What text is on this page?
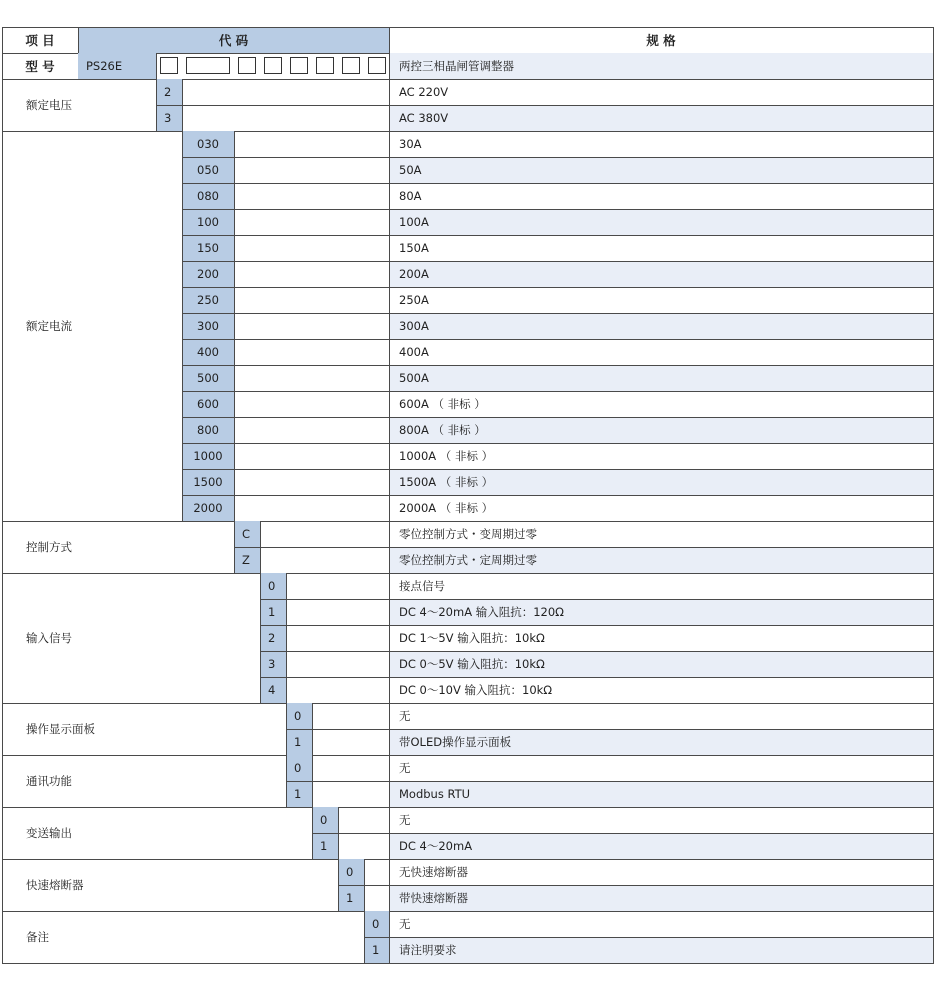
项 目	代 码	规 格
型 号	PS26E	两控三相晶闸管调整器
额定电压
2	AC 220V
3	AC 380V
额定电流
030	30A
050	50A
080	80A
100	100A
150	150A
200	200A
250	250A
300	300A
400	400A
500	500A
600	600A （ 非标 ）
800	800A （ 非标 ）
1000	1000A （ 非标 ）
1500	1500A （ 非标 ）
2000	2000A （ 非标 ）
控制方式
C	零位控制方式・变周期过零
Z	零位控制方式・定周期过零
输入信号
0	接点信号
1	DC 4～20mA 输入阻抗：120Ω
2	DC 1～5V 输入阻抗：10kΩ
3	DC 0～5V 输入阻抗：10kΩ
4	DC 0～10V 输入阻抗：10kΩ
操作显示面板
0	无
1	带OLED操作显示面板
通讯功能
0	无
1	Modbus RTU
变送输出
0	无
1	DC 4～20mA
快速熔断器
0	无快速熔断器
1	带快速熔断器
备注
0	无
1	请注明要求
